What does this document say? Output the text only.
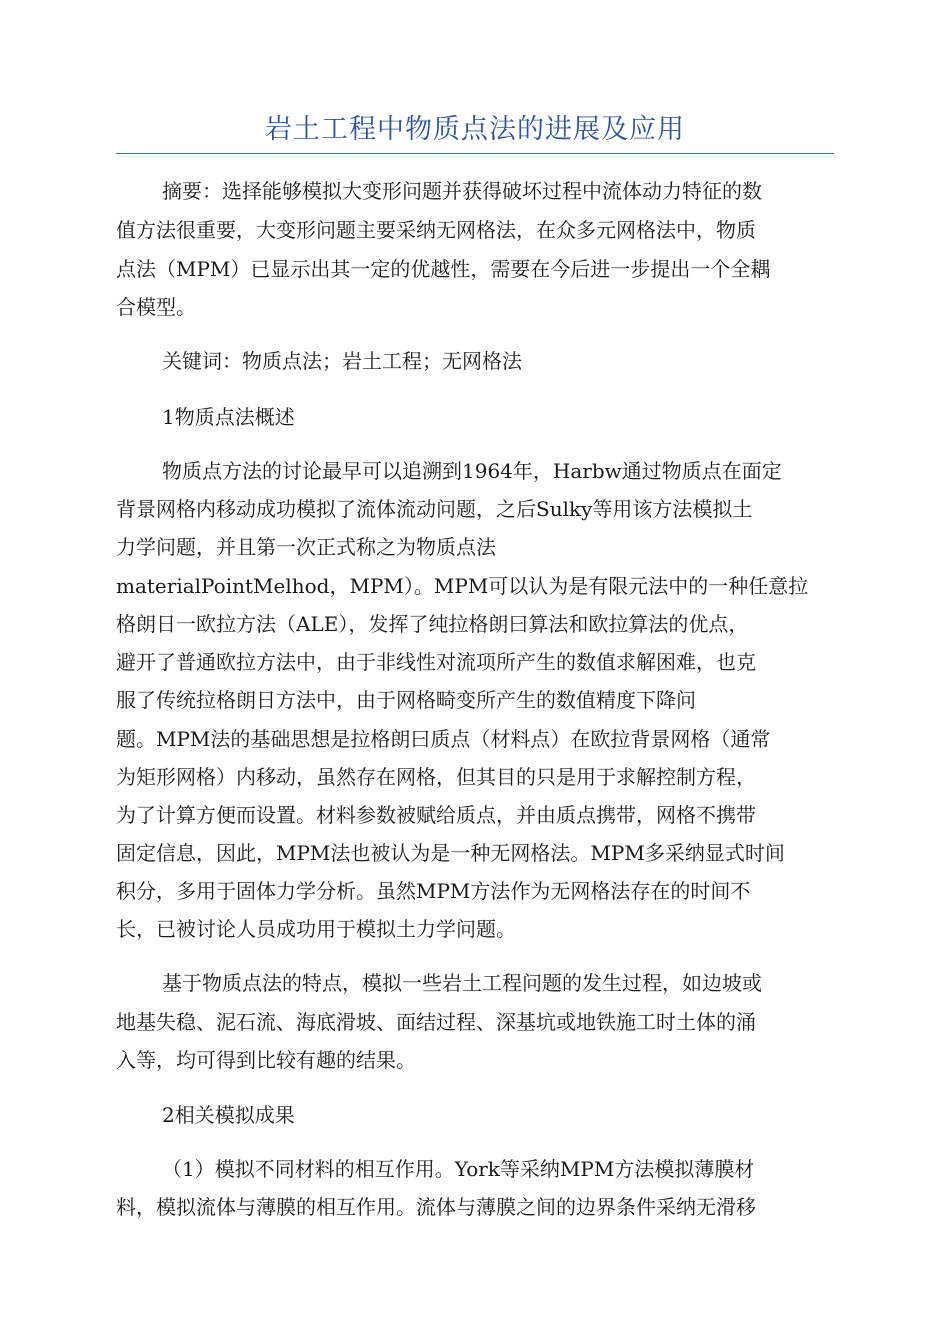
岩土工程中物质点法的进展及应用
摘要：选择能够模拟大变形问题并获得破坏过程中流体动力特征的数
值方法很重要，大变形问题主要采纳无网格法，在众多元网格法中，物质
点法（MPM）已显示出其一定的优越性，需要在今后进一步提出一个全耦
合模型。
关键词：物质点法；岩土工程；无网格法
1物质点法概述
物质点方法的讨论最早可以追溯到1964年，Harbw通过物质点在面定
背景网格内移动成功模拟了流体流动问题，之后Sulky等用该方法模拟土
力学问题，并且第一次正式称之为物质点法
materialPointMelhod，MPM）。MPM可以认为是有限元法中的一种任意拉
格朗日一欧拉方法（ALE），发挥了纯拉格朗曰算法和欧拉算法的优点，
避开了普通欧拉方法中，由于非线性对流项所产生的数值求解困难，也克
服了传统拉格朗日方法中，由于网格畸变所产生的数值精度下降问
题。MPM法的基础思想是拉格朗曰质点（材料点）在欧拉背景网格（通常
为矩形网格）内移动，虽然存在网格，但其目的只是用于求解控制方程，
为了计算方便而设置。材料参数被赋给质点，并由质点携带，网格不携带
固定信息，因此，MPM法也被认为是一种无网格法。MPM多采纳显式时间
积分，多用于固体力学分析。虽然MPM方法作为无网格法存在的时间不
长，已被讨论人员成功用于模拟土力学问题。
基于物质点法的特点，模拟一些岩土工程问题的发生过程，如边坡或
地基失稳、泥石流、海底滑坡、面结过程、深基坑或地铁施工时土体的涌
入等，均可得到比较有趣的结果。
2相关模拟成果
（1）模拟不同材料的相互作用。York等采纳MPM方法模拟薄膜材
料，模拟流体与薄膜的相互作用。流体与薄膜之间的边界条件采纳无滑移
